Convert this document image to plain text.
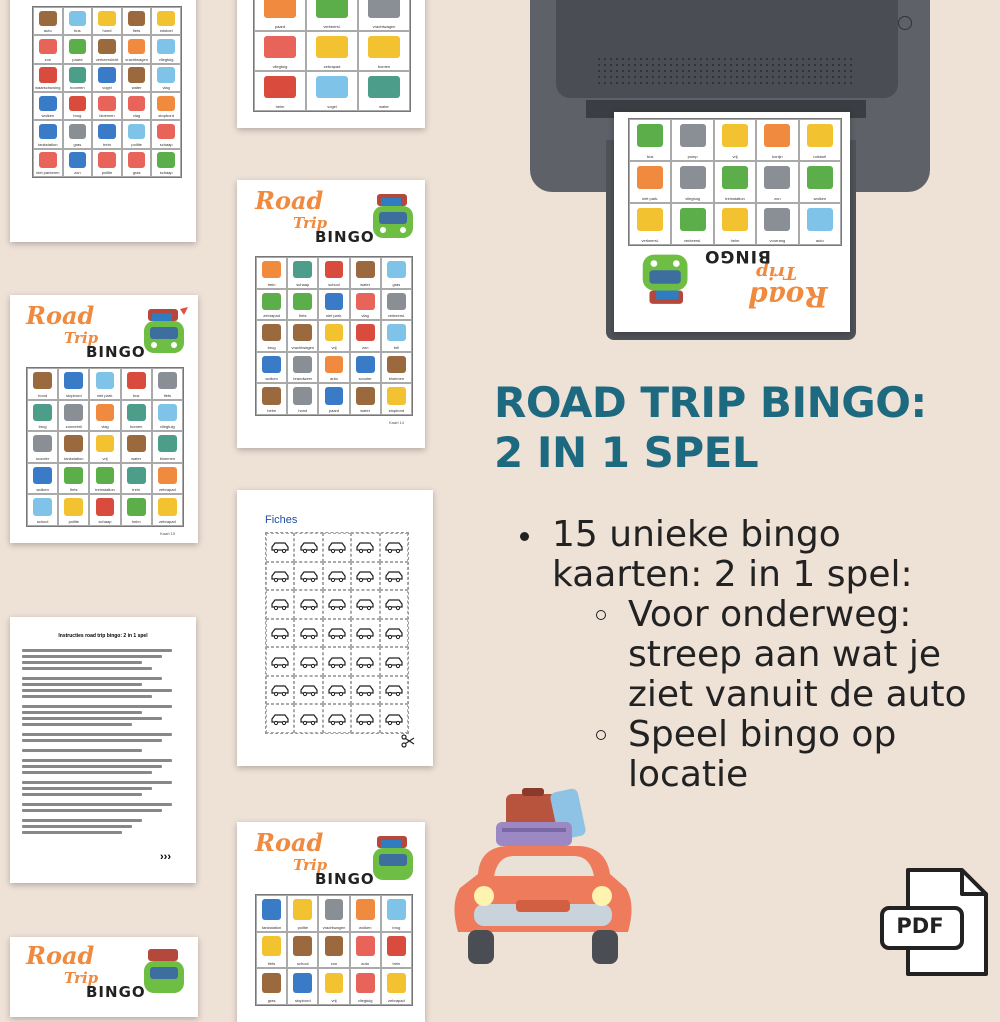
auto	bus	hond	fiets	rolstoel
zon	paard	verkeerslicht	vrachtwagen	vliegtuig
waarschuwing	boomen	vogel	water	vlag
wolken	brug	bloemen	vlag	stopbord
tankstation	gras	trein	politie	schaap
niet parkeren	zon	politie	gras	schaap
Road
Trip
BINGO
hond	stopbord	niet park.	bus	fiets
brug	zonnebril	vlag	bomen	vliegtuig
scooter	tankstation	vrij	water	bloemen
wolken	fiets	treinstation	trein	zebrapad
school	politie	schaap	helm	zebrapad
Kaart 15
Instructies road trip bingo: 2 in 1 spel
›››
Road
Trip
BINGO
paard	verkeersl.	vrachtwagen
vliegtuig	zebrapad	bomen
helm	vogel	water
Road
Trip
BINGO
trein	schaap	school	water	gras
zebrapad	fiets	niet park.	vlag	verkeersl.
brug	vrachtwagen	vrij	zon	bril
wolken	brandweer	auto	scooter	bloemen
helm	hond	paard	water	stopbord
Kaart 14
Fiches
Road
Trip
BINGO
tankstation	politie	vrachtwagen	wolken	brug
fiets	school	zon	auto	trein
gras	stopbord	vrij	vliegtuig	zebrapad
bus	pomp	vrij	konijn	rolstoel
niet park.	vliegtuig	treinstation	zon	wolken
verkeersl.	verkeersl.	helm	voorrang	auto
BINGO
Trip
Road
ROAD TRIP BINGO:
2 IN 1 SPEL
15 unieke bingo kaarten: 2 in 1 spel:
Voor onderweg: streep aan wat je ziet vanuit de auto
Speel bingo op locatie
PDF
